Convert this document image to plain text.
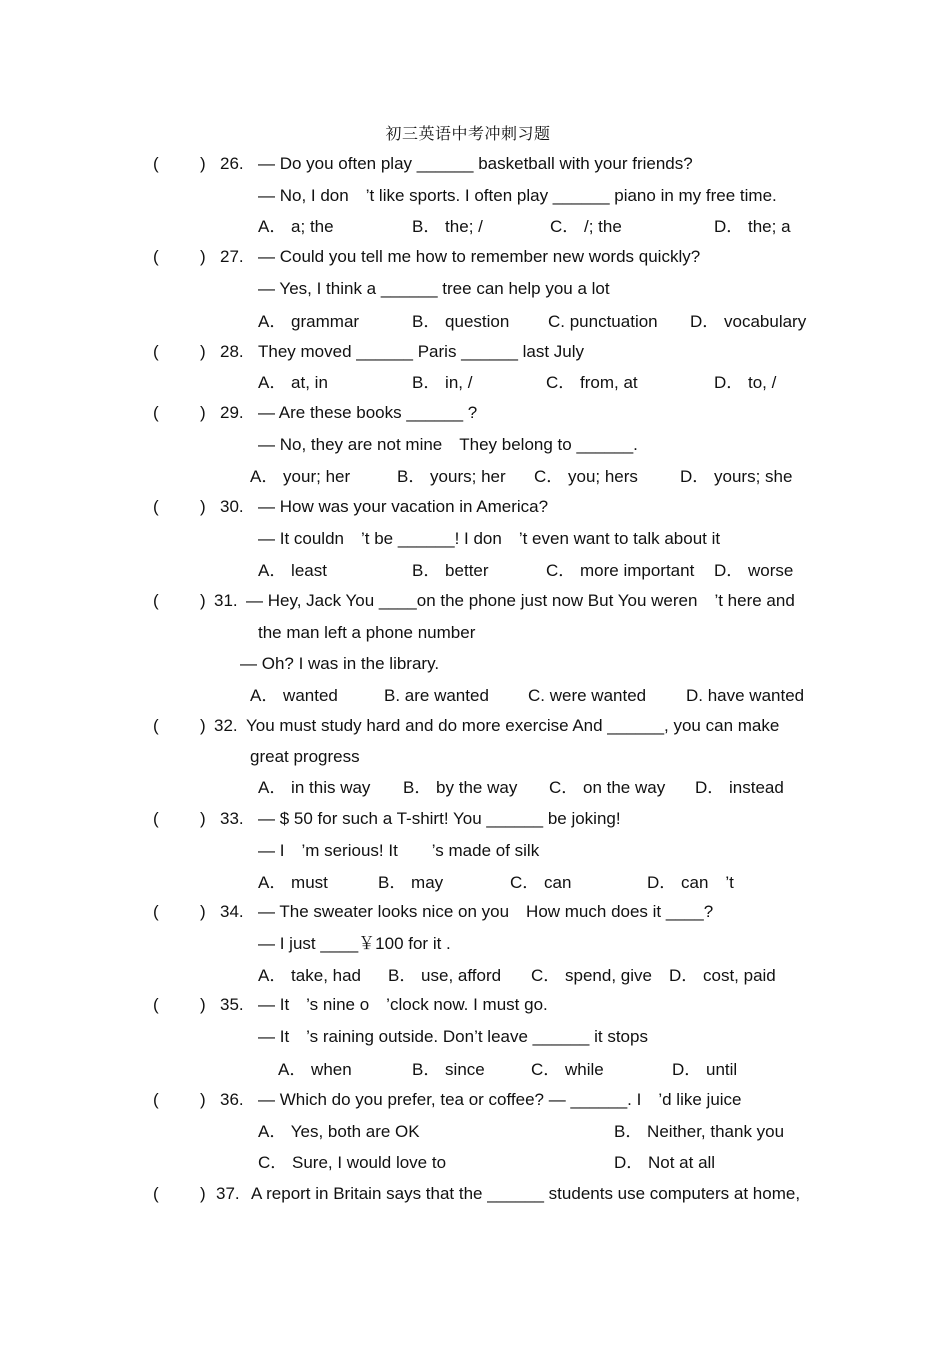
初三英语中考冲刺习题
( ) 26. — Do you often play ______ basketball with your friends?
— No, I don　’t like sports. I often play ______ piano in my free time.
A． a; the	B． the; /	C． /; the	D． the; a
( ) 27. — Could you tell me how to remember new words quickly?
— Yes, I think a ______ tree can help you a lot
A． grammar	B． question C. punctuation D． vocabulary
( ) 28. They moved ______ Paris ______ last July
A． at, in	B． in, /	C． from, at	D． to, /
( ) 29. — Are these books ______ ?
— No, they are not mine　They belong to ______.
A． your; her	B． yours; her C． you; hers D． yours; she
( ) 30. — How was your vacation in America?
— It couldn　’t be ______! I don　’t even want to talk about it
A． least	B． better	C． more important D． worse
( ) 31. — Hey, Jack You ____on the phone just now But You weren　’t here and
the man left a phone number
— Oh? I was in the library.
A． wanted	B. are wanted C. were wanted D. have wanted
( ) 32. You must study hard and do more exercise And ______, you can make
great progress
A． in this way B． by the way C． on the way D． instead
( ) 33. — $ 50 for such a T-shirt! You ______ be joking!
— I　’m serious! It　　’s made of silk
A． must	B． may	C． can	D． can　’t
( ) 34. — The sweater looks nice on you　How much does it ____?
— I just ____￥100 for it .
A． take, had B． use, afford C． spend, give D． cost, paid
( ) 35. — It　’s nine o　’clock now. I must go.
— It　’s raining outside. Don’t leave ______ it stops
A． when	B． since	C． while	D． until
( ) 36. — Which do you prefer, tea or coffee? — ______. I　’d like juice
A． Yes, both are OK	B． Neither, thank you
C． Sure, I would love to	D． Not at all
( ) 37. A report in Britain says that the ______ students use computers at home,
